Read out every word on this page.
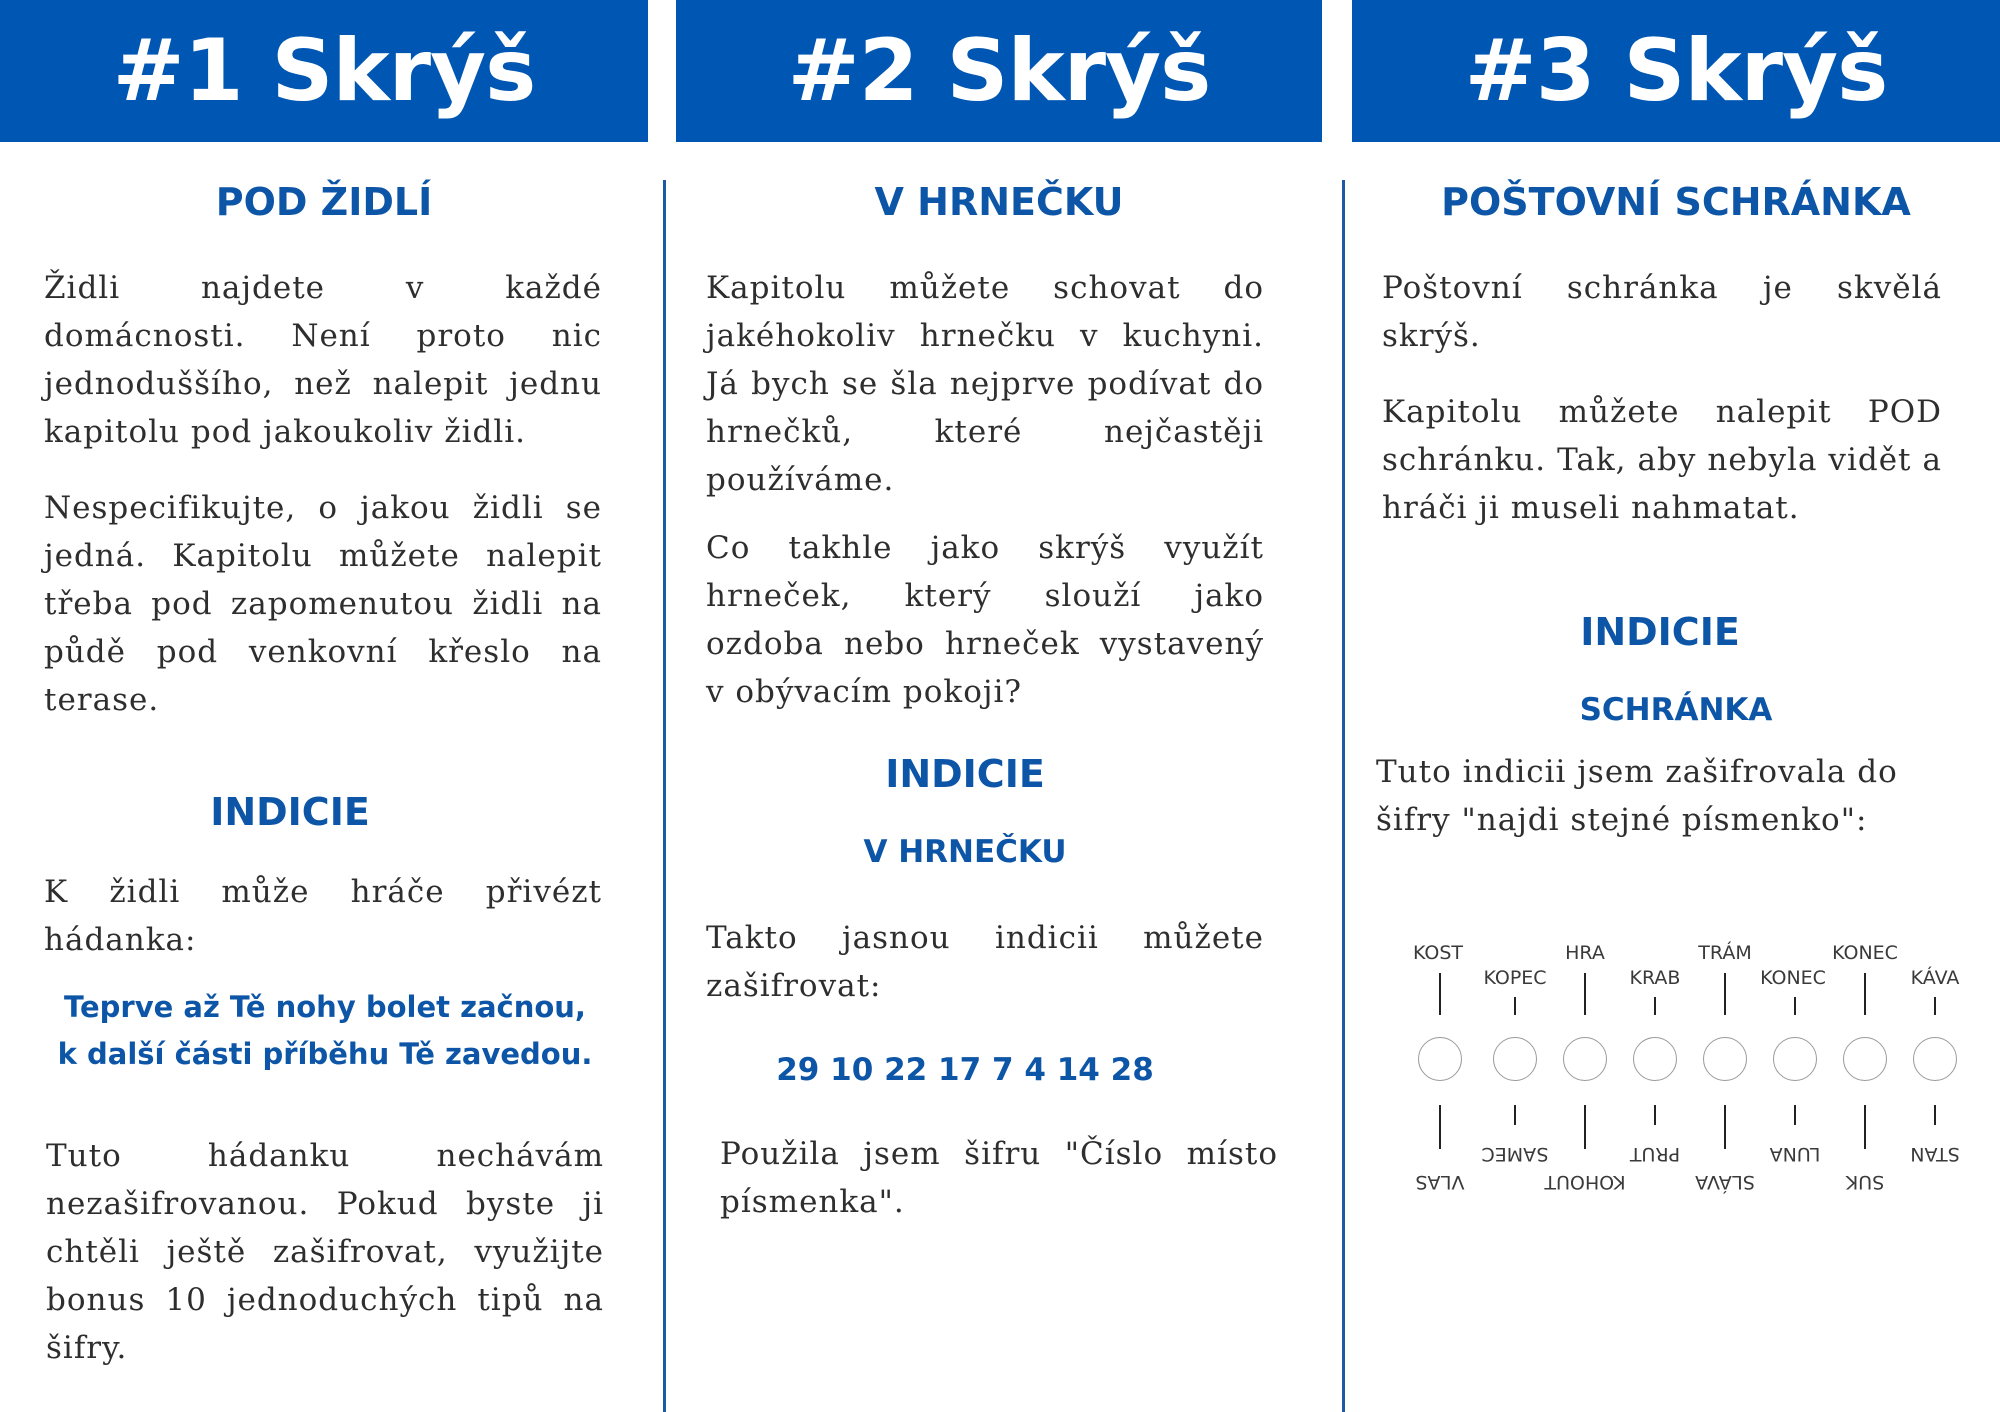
#1 Skrýš
POD ŽIDLÍ

Židli najdete v každé domácnosti. Není proto nic jednoduššího, než nalepit jednu kapitolu pod jakoukoliv židli.

Nespecifikujte, o jakou židli se jedná. Kapitolu můžete nalepit třeba pod zapomenutou židli na půdě pod venkovní křeslo na terase.

INDICIE

K židli může hráče přivézt hádanka:

Teprve až Tě nohy bolet začnou,
k další části příběhu Tě zavedou.

Tuto hádanku nechávám nezašifrovanou. Pokud byste ji chtěli ještě zašifrovat, využijte bonus 10 jednoduchých tipů na šifry.

#2 Skrýš
V HRNEČKU

Kapitolu můžete schovat do jakéhokoliv hrnečku v kuchyni. Já bych se šla nejprve podívat do hrnečků, které nejčastěji používáme.

Co takhle jako skrýš využít hrneček, který slouží jako ozdoba nebo hrneček vystavený v obývacím pokoji?

INDICIE

V HRNEČKU

Takto jasnou indicii můžete zašifrovat:

29 10 22 17 7 4 14 28

Použila jsem šifru "Číslo místo písmenka".

#3 Skrýš
POŠTOVNÍ SCHRÁNKA

Poštovní schránka je skvělá skrýš.

Kapitolu můžete nalepit POD schránku. Tak, aby nebyla vidět a hráči ji museli nahmatat.

INDICIE

SCHRÁNKA

Tuto indicii jsem zašifrovala do šifry "najdi stejné písmenko":

KOST
VLAS
KOPEC
SAMEC
HRA
KOHOUT
KRAB
PRUT
TRÁM
SLÁVA
KONEC
LUNA
KONEC
SUK
KÁVA
STAN
